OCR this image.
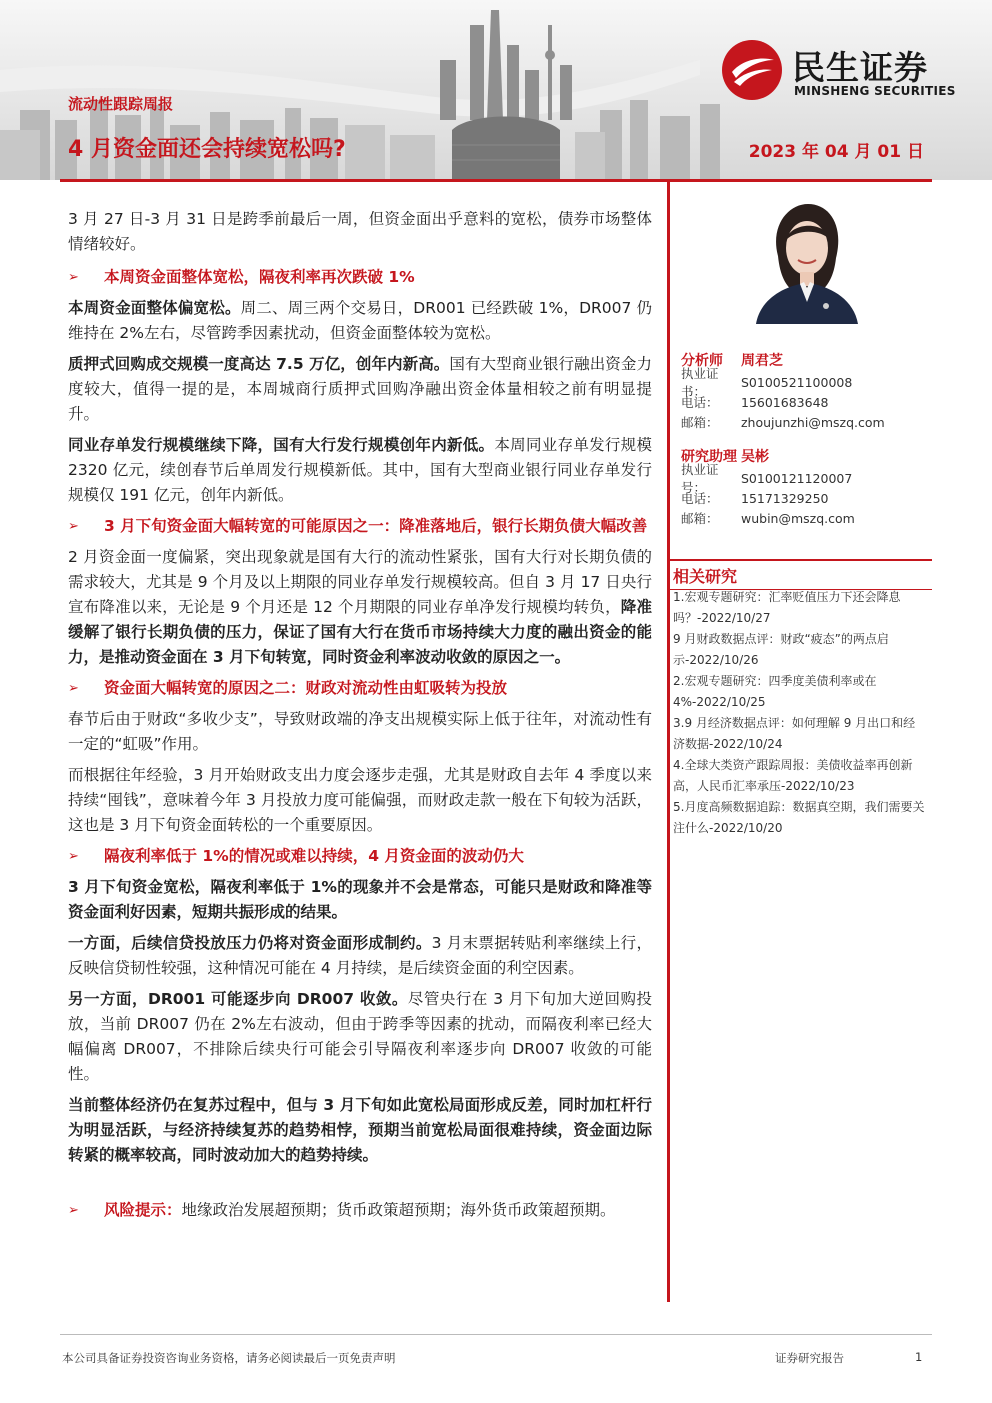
民生证券
MINSHENG SECURITIES
流动性跟踪周报
4 月资金面还会持续宽松吗?	2023 年 04 月 01 日

3 月 27 日-3 月 31 日是跨季前最后一周，但资金面出乎意料的宽松，债券市场整体情绪较好。

➢ 本周资金面整体宽松，隔夜利率再次跌破 1%

本周资金面整体偏宽松。周二、周三两个交易日，DR001 已经跌破 1%，DR007 仍维持在 2%左右，尽管跨季因素扰动，但资金面整体较为宽松。

质押式回购成交规模一度高达 7.5 万亿，创年内新高。国有大型商业银行融出资金力度较大，值得一提的是，本周城商行质押式回购净融出资金体量相较之前有明显提升。

同业存单发行规模继续下降，国有大行发行规模创年内新低。本周同业存单发行规模 2320 亿元，续创春节后单周发行规模新低。其中，国有大型商业银行同业存单发行规模仅 191 亿元，创年内新低。

➢ 3 月下旬资金面大幅转宽的可能原因之一：降准落地后，银行长期负债大幅改善

2 月资金面一度偏紧，突出现象就是国有大行的流动性紧张，国有大行对长期负债的需求较大，尤其是 9 个月及以上期限的同业存单发行规模较高。但自 3 月 17 日央行宣布降准以来，无论是 9 个月还是 12 个月期限的同业存单净发行规模均转负，降准缓解了银行长期负债的压力，保证了国有大行在货币市场持续大力度的融出资金的能力，是推动资金面在 3 月下旬转宽，同时资金利率波动收敛的原因之一。

➢ 资金面大幅转宽的原因之二：财政对流动性由虹吸转为投放

春节后由于财政“多收少支”，导致财政端的净支出规模实际上低于往年，对流动性有一定的“虹吸”作用。

而根据往年经验，3 月开始财政支出力度会逐步走强，尤其是财政自去年 4 季度以来持续“囤钱”，意味着今年 3 月投放力度可能偏强，而财政走款一般在下旬较为活跃，这也是 3 月下旬资金面转松的一个重要原因。

➢ 隔夜利率低于 1%的情况或难以持续，4 月资金面的波动仍大

3 月下旬资金宽松，隔夜利率低于 1%的现象并不会是常态，可能只是财政和降准等资金面利好因素，短期共振形成的结果。

一方面，后续信贷投放压力仍将对资金面形成制约。3 月末票据转贴利率继续上行，反映信贷韧性较强，这种情况可能在 4 月持续，是后续资金面的利空因素。

另一方面，DR001 可能逐步向 DR007 收敛。尽管央行在 3 月下旬加大逆回购投放，当前 DR007 仍在 2%左右波动，但由于跨季等因素的扰动，而隔夜利率已经大幅偏离 DR007，不排除后续央行可能会引导隔夜利率逐步向 DR007 收敛的可能性。

当前整体经济仍在复苏过程中，但与 3 月下旬如此宽松局面形成反差，同时加杠杆行为明显活跃，与经济持续复苏的趋势相悖，预期当前宽松局面很难持续，资金面边际转紧的概率较高，同时波动加大的趋势持续。

➢ 风险提示：地缘政治发展超预期；货币政策超预期；海外货币政策超预期。
分析师	周君芝
执业证书：
S0100521100008
电话：	15601683648
邮箱：	zhoujunzhi@mszq.com
研究助理 吴彬
执业证号：
S0100121120007
电话：	15171329250
邮箱：	wubin@mszq.com
相关研究
1.宏观专题研究：汇率贬值压力下还会降息吗？-2022/10/27
9 月财政数据点评：财政“疲态”的两点启示-2022/10/26
2.宏观专题研究：四季度美债利率或在 4%-2022/10/25
3.9 月经济数据点评：如何理解 9 月出口和经济数据-2022/10/24
4.全球大类资产跟踪周报：美债收益率再创新高，人民币汇率承压-2022/10/23
5.月度高频数据追踪：数据真空期，我们需要关注什么-2022/10/20
本公司具备证券投资咨询业务资格，请务必阅读最后一页免责声明	证券研究报告	1
